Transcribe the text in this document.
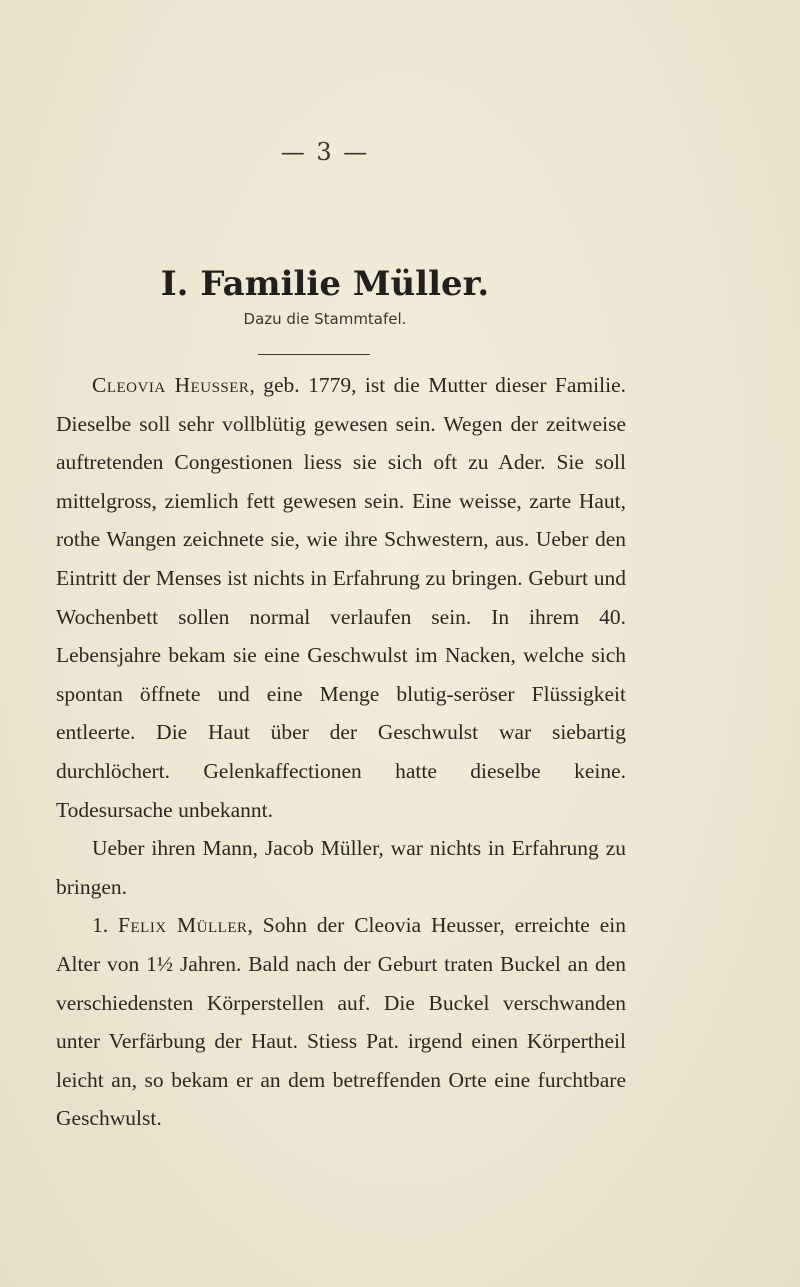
— 3 —
I. Familie Müller.
Dazu die Stammtafel.

Cleovia Heusser, geb. 1779, ist die Mutter dieser Familie. Dieselbe soll sehr vollblütig gewesen sein. Wegen der zeitweise auftretenden Congestionen liess sie sich oft zu Ader. Sie soll mittelgross, ziemlich fett gewesen sein. Eine weisse, zarte Haut, rothe Wangen zeichnete sie, wie ihre Schwestern, aus. Ueber den Eintritt der Menses ist nichts in Erfahrung zu bringen. Geburt und Wochenbett sollen normal verlaufen sein. In ihrem 40. Lebensjahre bekam sie eine Geschwulst im Nacken, welche sich spontan öffnete und eine Menge blutig-seröser Flüssigkeit entleerte. Die Haut über der Geschwulst war siebartig durchlöchert. Gelenkaffectionen hatte dieselbe keine. Todesursache unbekannt.

Ueber ihren Mann, Jacob Müller, war nichts in Erfahrung zu bringen.

1. Felix Müller, Sohn der Cleovia Heusser, erreichte ein Alter von 1½ Jahren. Bald nach der Geburt traten Buckel an den verschiedensten Körperstellen auf. Die Buckel verschwanden unter Verfärbung der Haut. Stiess Pat. irgend einen Körpertheil leicht an, so bekam er an dem betreffenden Orte eine furchtbare Geschwulst.
